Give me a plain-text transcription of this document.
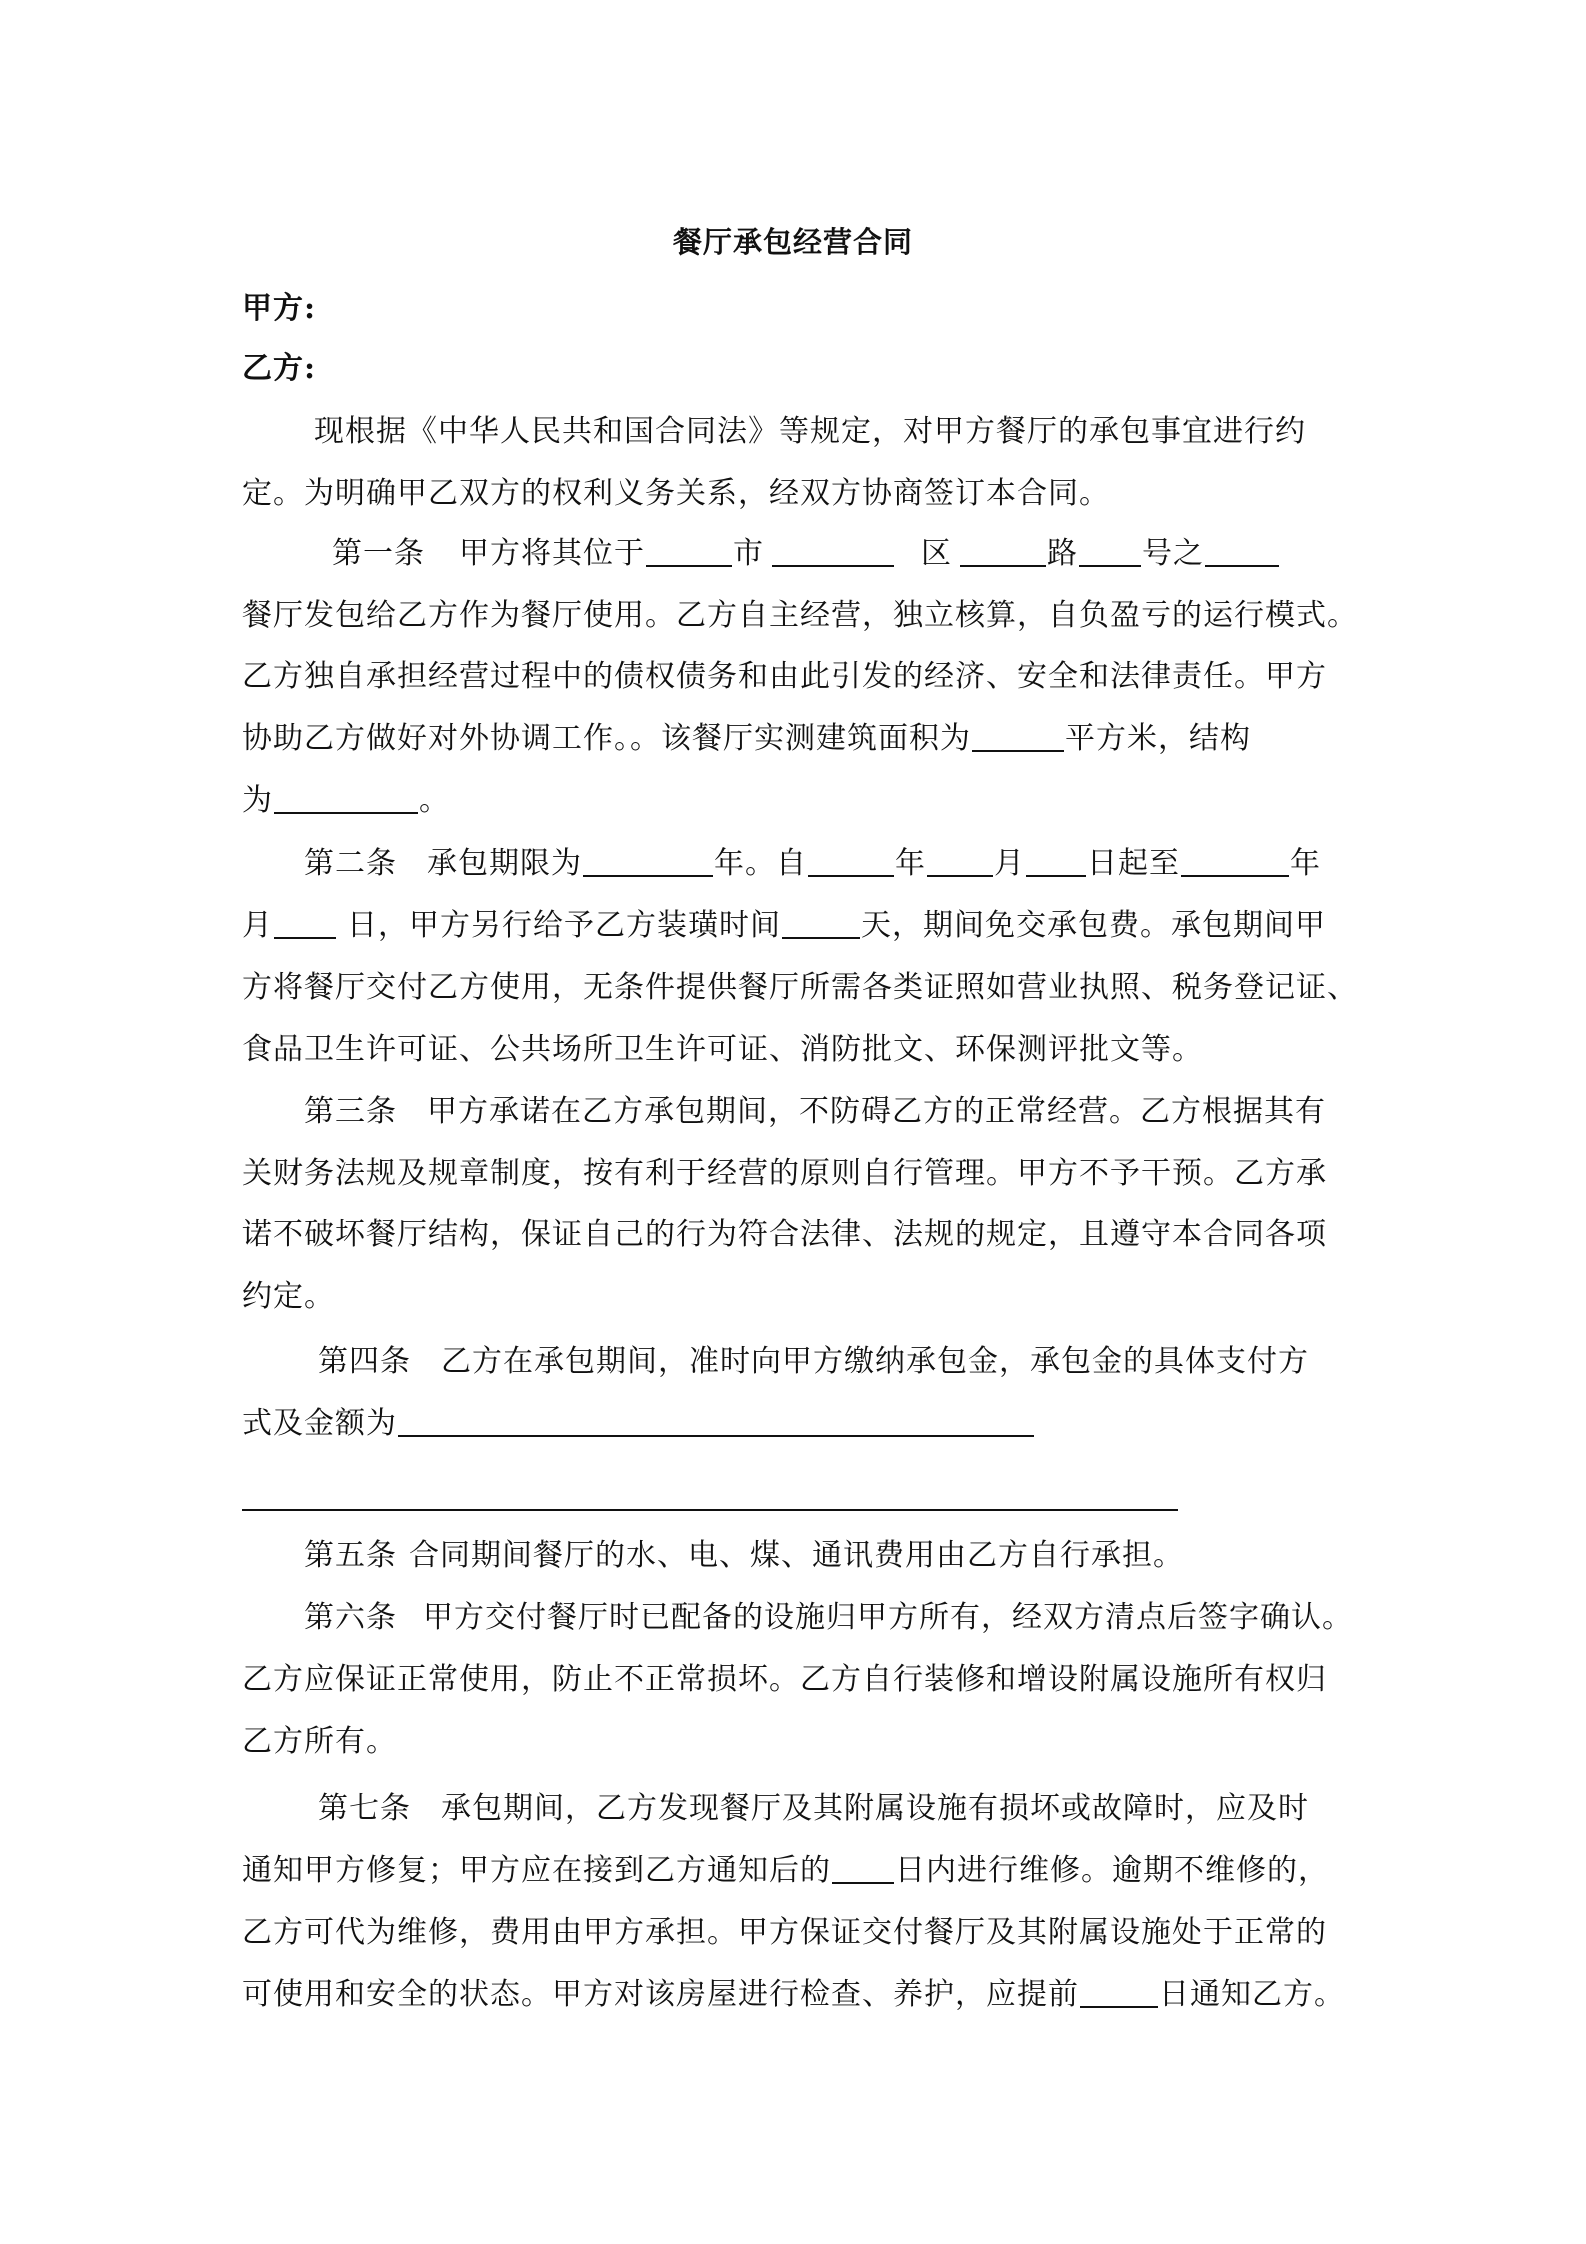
餐厅承包经营合同
甲方:
乙方:
现根据《中华人民共和国合同法》等规定，对甲方餐厅的承包事宜进行约
定。为明确甲乙双方的权利义务关系，经双方协商签订本合同。
第一条 甲方将其位于	市	区	路 号之
餐厅发包给乙方作为餐厅使用。乙方自主经营，独立核算，自负盈亏的运行模式。
乙方独自承担经营过程中的债权债务和由此引发的经济、安全和法律责任。甲方
协助乙方做好对外协调工作。。该餐厅实测建筑面积为	平方米，结构
为	。
第二条 承包期限为	年。自	年 月 日起至	年
月 日，甲方另行给予乙方装璜时间	天，期间免交承包费。承包期间甲
方将餐厅交付乙方使用，无条件提供餐厅所需各类证照如营业执照、税务登记证、
食品卫生许可证、公共场所卫生许可证、消防批文、环保测评批文等。
第三条 甲方承诺在乙方承包期间，不防碍乙方的正常经营。乙方根据其有
关财务法规及规章制度，按有利于经营的原则自行管理。甲方不予干预。乙方承
诺不破坏餐厅结构，保证自己的行为符合法律、法规的规定，且遵守本合同各项
约定。
第四条 乙方在承包期间，准时向甲方缴纳承包金，承包金的具体支付方
式及金额为
第五条 合同期间餐厅的水、电、煤、通讯费用由乙方自行承担。
第六条 甲方交付餐厅时已配备的设施归甲方所有，经双方清点后签字确认。
乙方应保证正常使用，防止不正常损坏。乙方自行装修和增设附属设施所有权归
乙方所有。
第七条 承包期间，乙方发现餐厅及其附属设施有损坏或故障时，应及时
通知甲方修复；甲方应在接到乙方通知后的 日内进行维修。逾期不维修的，
乙方可代为维修，费用由甲方承担。甲方保证交付餐厅及其附属设施处于正常的
可使用和安全的状态。甲方对该房屋进行检查、养护，应提前	日通知乙方。
